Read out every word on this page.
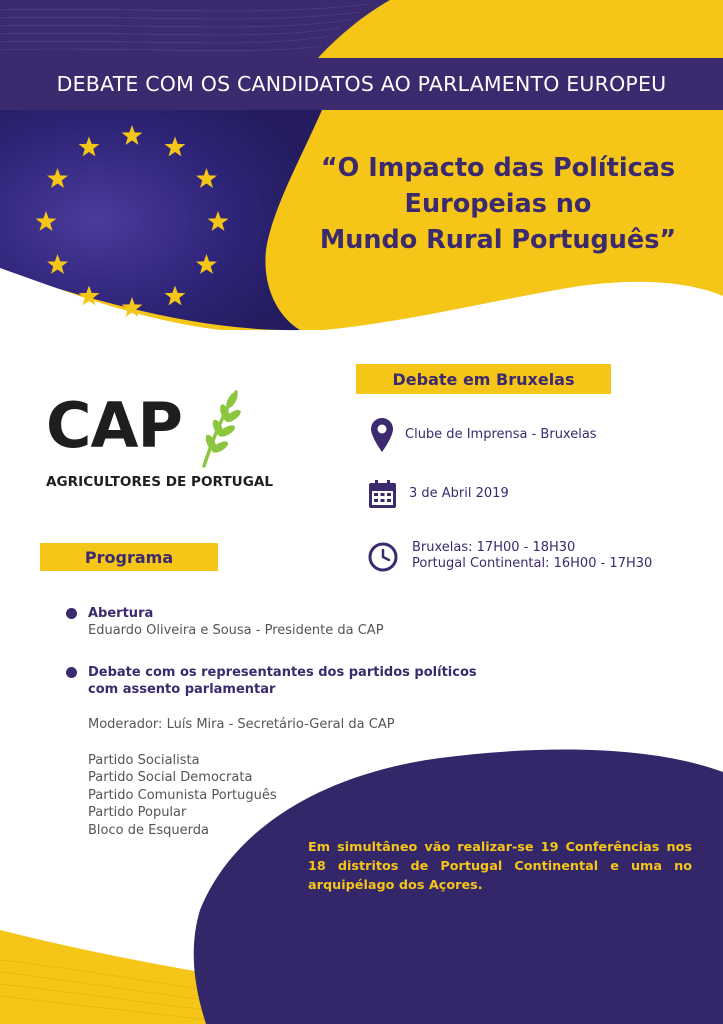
DEBATE COM OS CANDIDATOS AO PARLAMENTO EUROPEU
“O Impacto das Políticas
Europeias no
Mundo Rural Português”
Debate em Bruxelas
CAP
AGRICULTORES DE PORTUGAL
Clube de Imprensa - Bruxelas
3 de Abril 2019
Bruxelas: 17H00 - 18H30
Portugal Continental: 16H00 - 17H30
Programa
Abertura
Eduardo Oliveira e Sousa - Presidente da CAP
Debate com os representantes dos partidos políticos
com assento parlamentar
Moderador: Luís Mira - Secretário-Geral da CAP
Partido Socialista
Partido Social Democrata
Partido Comunista Português
Partido Popular
Bloco de Esquerda
Em simultâneo vão realizar-se 19 Conferências nos 18 distritos de Portugal Continental e uma no arquipélago dos Açores.
